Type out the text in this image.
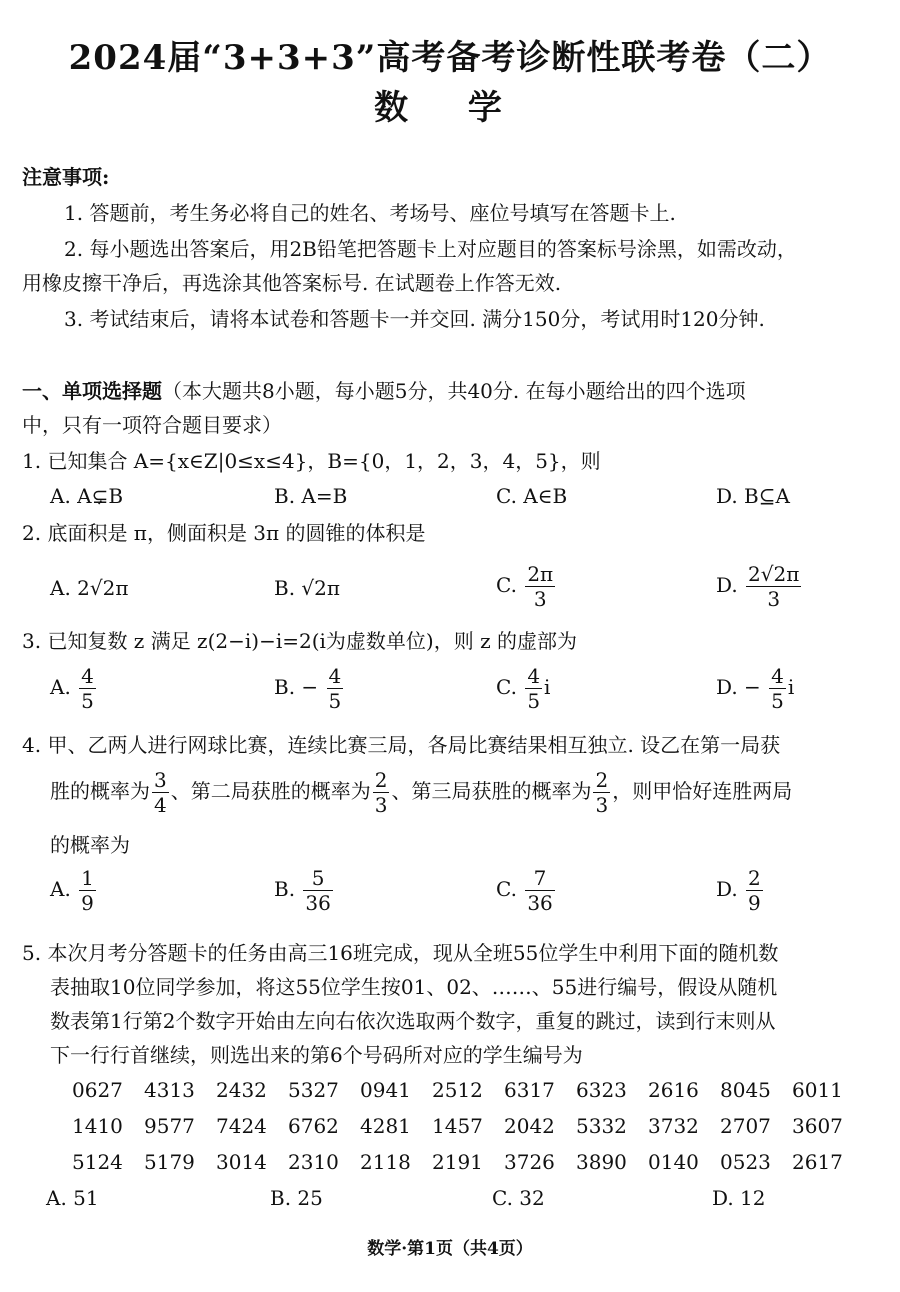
2024届“3+3+3”高考备考诊断性联考卷（二）
数 学
注意事项:
1. 答题前，考生务必将自己的姓名、考场号、座位号填写在答题卡上.
2. 每小题选出答案后，用2B铅笔把答题卡上对应题目的答案标号涂黑，如需改动，
用橡皮擦干净后，再选涂其他答案标号. 在试题卷上作答无效.
3. 考试结束后，请将本试卷和答题卡一并交回. 满分150分，考试用时120分钟.
一、单项选择题（本大题共8小题，每小题5分，共40分. 在每小题给出的四个选项
中，只有一项符合题目要求）
1. 已知集合 A={x∈Z|0≤x≤4}，B={0，1，2，3，4，5}，则
A. A⊊B	B. A=B	C. A∈B	D. B⊆A
2. 底面积是 π，侧面积是 3π 的圆锥的体积是
A. 2√2π	B. √2π	C. $\frac{2\pi}{3}$	D. $\frac{2√2\pi}{3}$
3. 已知复数 z 满足 z(2−i)−i=2(i为虚数单位)，则 z 的虚部为
A. $\frac{4}{5}$	B. − $\frac{4}{5}$	C. $\frac{4}{5}$ i	D. − $\frac{4}{5}$ i
4. 甲、乙两人进行网球比赛，连续比赛三局，各局比赛结果相互独立. 设乙在第一局获
胜的概率为 $\frac{3}{4}$ 、第二局获胜的概率为 $\frac{2}{3}$ 、第三局获胜的概率为 $\frac{2}{3}$ ，则甲恰好连胜两局
的概率为
A. $\frac{1}{9}$	B. $\frac{5}{36}$	C. $\frac{7}{36}$	D. $\frac{2}{9}$
5. 本次月考分答题卡的任务由高三16班完成，现从全班55位学生中利用下面的随机数
表抽取10位同学参加，将这55位学生按01、02、……、55进行编号，假设从随机
数表第1行第2个数字开始由左向右依次选取两个数字，重复的跳过，读到行末则从
下一行行首继续，则选出来的第6个号码所对应的学生编号为
0627 4313 2432 5327 0941 2512 6317 6323 2616 8045 6011
1410 9577 7424 6762 4281 1457 2042 5332 3732 2707 3607
5124 5179 3014 2310 2118 2191 3726 3890 0140 0523 2617
A. 51	B. 25	C. 32	D. 12
数学·第1页（共4页）
